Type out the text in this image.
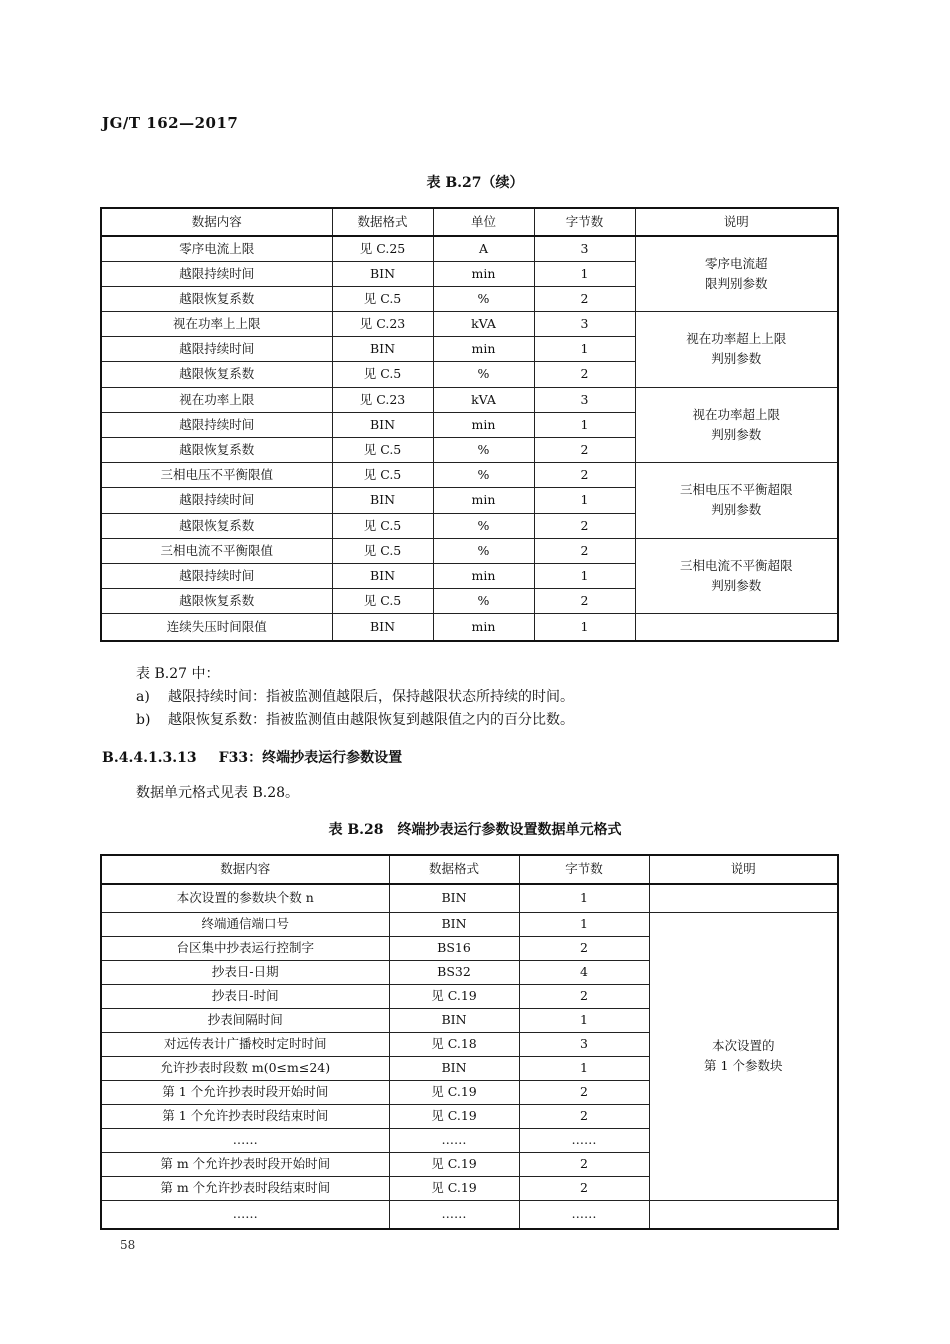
JG/T 162—2017
表 B.27（续）
数据内容	数据格式	单位	字节数	说明
零序电流上限	见 C.25	A	3	零序电流超
限判别参数
越限持续时间	BIN	min	1	
越限恢复系数	见 C.5	%	2	
视在功率上上限	见 C.23	kVA	3	视在功率超上上限
判别参数
越限持续时间	BIN	min	1	
越限恢复系数	见 C.5	%	2	
视在功率上限	见 C.23	kVA	3	视在功率超上限
判别参数
越限持续时间	BIN	min	1	
越限恢复系数	见 C.5	%	2	
三相电压不平衡限值	见 C.5	%	2	三相电压不平衡超限
判别参数
越限持续时间	BIN	min	1	
越限恢复系数	见 C.5	%	2	
三相电流不平衡限值	见 C.5	%	2	三相电流不平衡超限
判别参数
越限持续时间	BIN	min	1	
越限恢复系数	见 C.5	%	2	
连续失压时间限值	BIN	min	1	
表 B.27 中：
a) 越限持续时间：指被监测值越限后，保持越限状态所持续的时间。
b) 越限恢复系数：指被监测值由越限恢复到越限值之内的百分比数。
B.4.4.1.3.13 F33：终端抄表运行参数设置
数据单元格式见表 B.28。
表 B.28　终端抄表运行参数设置数据单元格式
数据内容	数据格式	字节数	说明
本次设置的参数块个数 n	BIN	1	
终端通信端口号	BIN	1	本次设置的
第 1 个参数块
台区集中抄表运行控制字	BS16	2	
抄表日-日期	BS32	4	
抄表日-时间	见 C.19	2	
抄表间隔时间	BIN	1	
对远传表计广播校时定时时间	见 C.18	3	
允许抄表时段数 m(0≤m≤24)	BIN	1	
第 1 个允许抄表时段开始时间	见 C.19	2	
第 1 个允许抄表时段结束时间	见 C.19	2	
……	……	……	
第 m 个允许抄表时段开始时间	见 C.19	2	
第 m 个允许抄表时段结束时间	见 C.19	2	
……	……	……	
58
